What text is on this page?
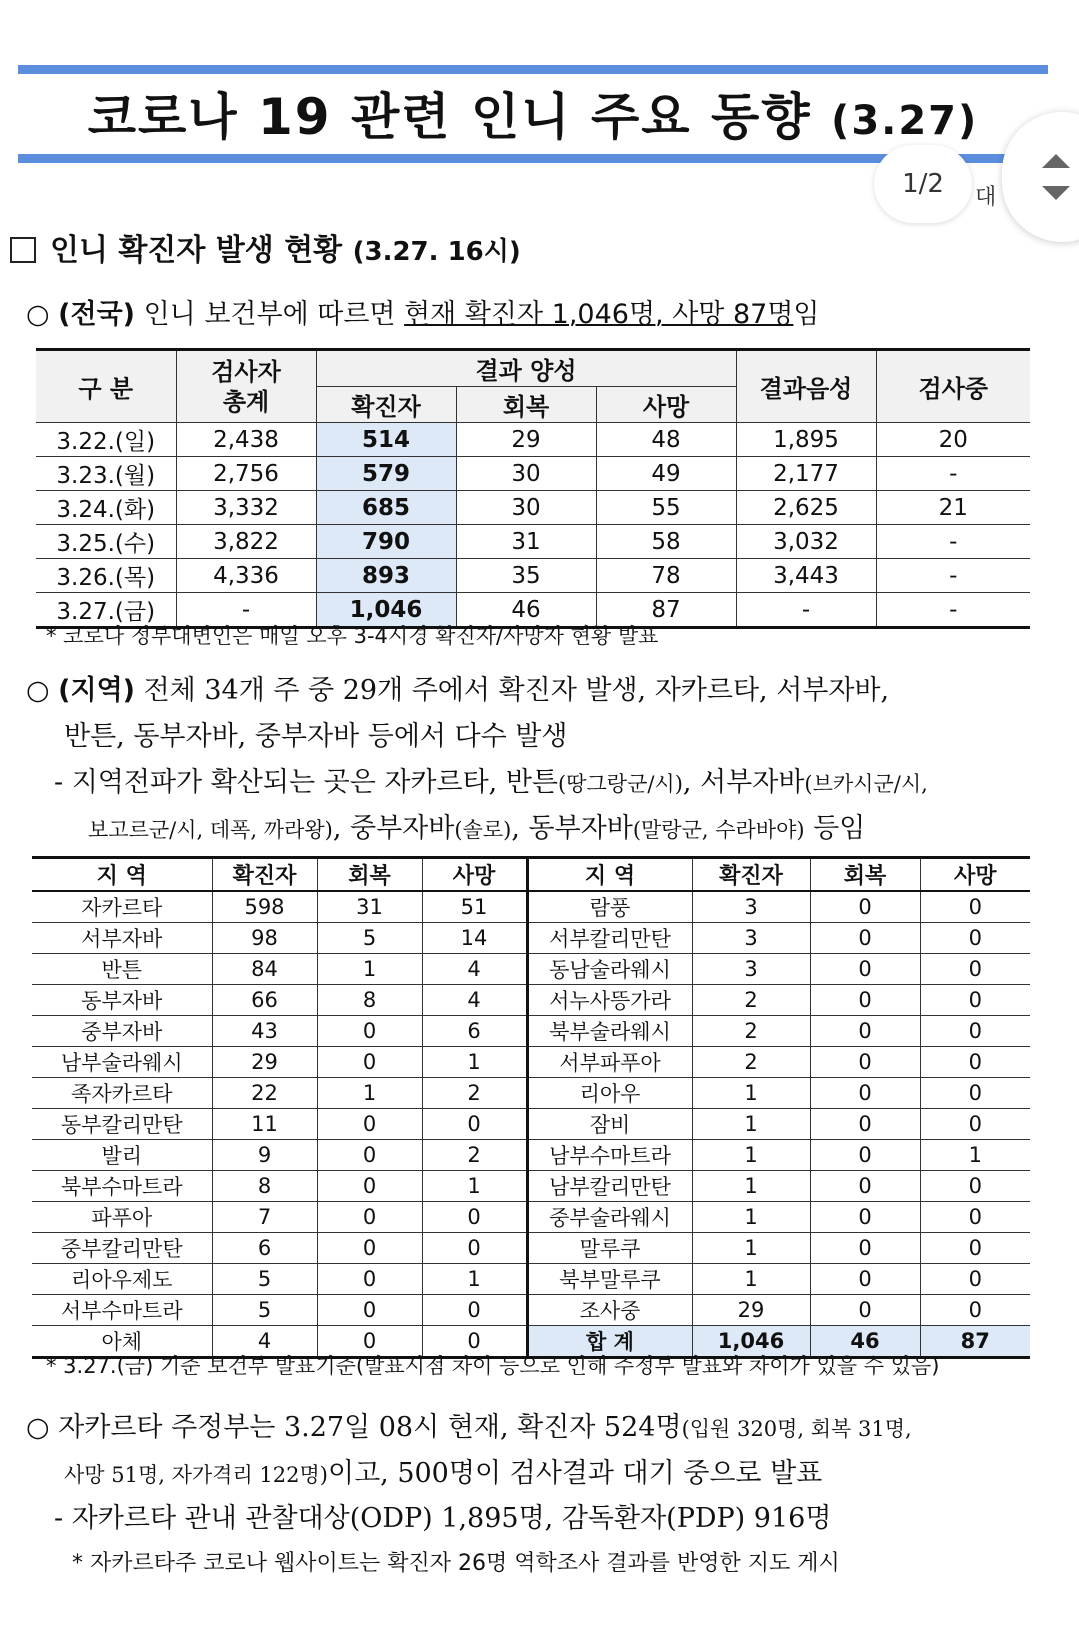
코로나 19 관련 인니 주요 동향 (3.27)
대
1/2
인니 확진자 발생 현황 (3.27. 16시)
○ (전국) 인니 보건부에 따르면 현재 확진자 1,046명, 사망 87명임
구 분	검사자 총계	결과 양성			결과음성	검사중
		확진자	회복	사망		
3.22.(일)	2,438	514	29	48	1,895	20
3.23.(월)	2,756	579	30	49	2,177	-
3.24.(화)	3,332	685	30	55	2,625	21
3.25.(수)	3,822	790	31	58	3,032	-
3.26.(목)	4,336	893	35	78	3,443	-
3.27.(금)	-	1,046	46	87	-	-
* 코로나 정부대변인은 매일 오후 3-4시경 확진자/사망자 현황 발표
○ (지역) 전체 34개 주 중 29개 주에서 확진자 발생, 자카르타, 서부자바,
반튼, 동부자바, 중부자바 등에서 다수 발생
- 지역전파가 확산되는 곳은 자카르타, 반튼(땅그랑군/시), 서부자바(브카시군/시,
보고르군/시, 데폭, 까라왕), 중부자바(솔로), 동부자바(말랑군, 수라바야) 등임
지 역	확진자	회복	사망	지 역	확진자	회복	사망
자카르타	598	31	51	람풍	3	0	0
서부자바	98	5	14	서부칼리만탄	3	0	0
반튼	84	1	4	동남술라웨시	3	0	0
동부자바	66	8	4	서누사뜽가라	2	0	0
중부자바	43	0	6	북부술라웨시	2	0	0
남부술라웨시	29	0	1	서부파푸아	2	0	0
족자카르타	22	1	2	리아우	1	0	0
동부칼리만탄	11	0	0	잠비	1	0	0
발리	9	0	2	남부수마트라	1	0	1
북부수마트라	8	0	1	남부칼리만탄	1	0	0
파푸아	7	0	0	중부술라웨시	1	0	0
중부칼리만탄	6	0	0	말루쿠	1	0	0
리아우제도	5	0	1	북부말루쿠	1	0	0
서부수마트라	5	0	0	조사중	29	0	0
아체	4	0	0	합 계	1,046	46	87
* 3.27.(금) 기준 보건부 발표기준(발표시점 차이 등으로 인해 주정부 발표와 차이가 있을 수 있음)
○ 자카르타 주정부는 3.27일 08시 현재, 확진자 524명(입원 320명, 회복 31명,
사망 51명, 자가격리 122명)이고, 500명이 검사결과 대기 중으로 발표
- 자카르타 관내 관찰대상(ODP) 1,895명, 감독환자(PDP) 916명
* 자카르타주 코로나 웹사이트는 확진자 26명 역학조사 결과를 반영한 지도 게시
